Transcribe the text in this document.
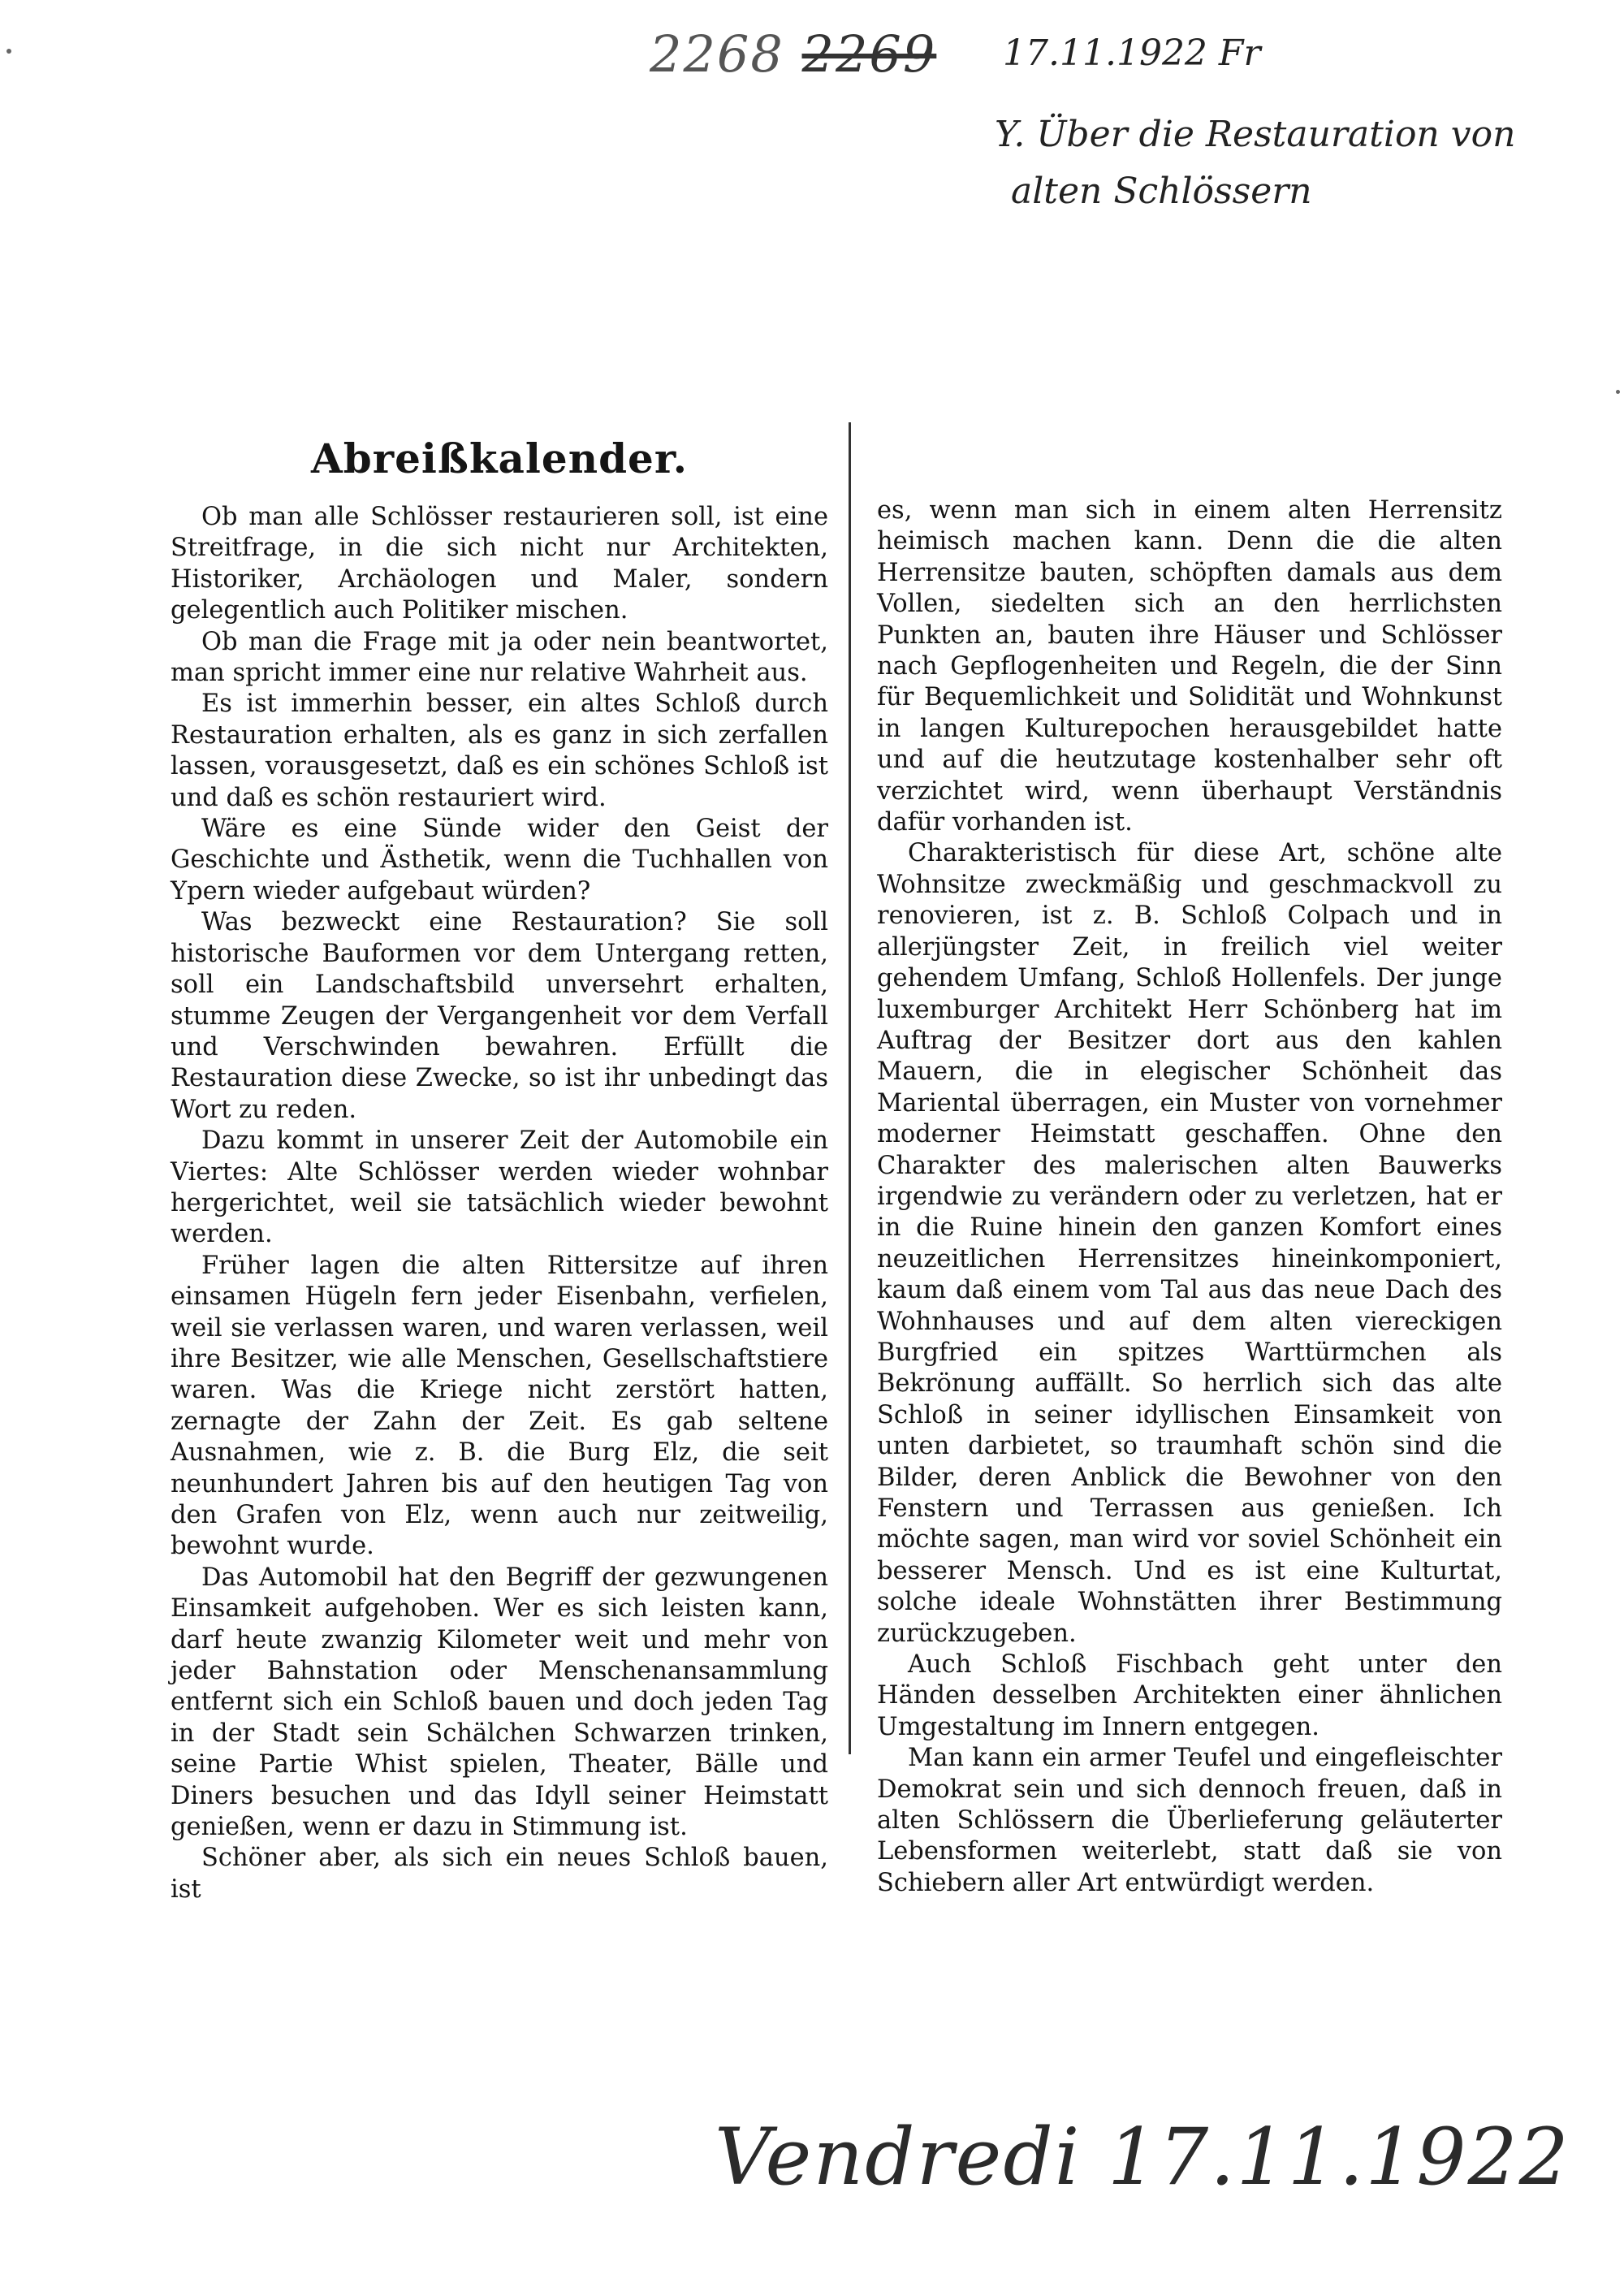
2268 2269 17.11.1922 Fr
Y. Über die Restauration von
alten Schlössern
Abreißkalender.

Ob man alle Schlösser restaurieren soll, ist eine Streitfrage, in die sich nicht nur Architekten, Historiker, Archäologen und Maler, sondern gelegentlich auch Politiker mischen.

Ob man die Frage mit ja oder nein beantwortet, man spricht immer eine nur relative Wahrheit aus.

Es ist immerhin besser, ein altes Schloß durch Restauration erhalten, als es ganz in sich zerfallen lassen, vorausgesetzt, daß es ein schönes Schloß ist und daß es schön restauriert wird.

Wäre es eine Sünde wider den Geist der Geschichte und Ästhetik, wenn die Tuchhallen von Ypern wieder aufgebaut würden?

Was bezweckt eine Restauration? Sie soll historische Bauformen vor dem Untergang retten, soll ein Landschaftsbild unversehrt erhalten, stumme Zeugen der Vergangenheit vor dem Verfall und Verschwinden bewahren. Erfüllt die Restauration diese Zwecke, so ist ihr unbedingt das Wort zu reden.

Dazu kommt in unserer Zeit der Automobile ein Viertes: Alte Schlösser werden wieder wohnbar hergerichtet, weil sie tatsächlich wieder bewohnt werden.

Früher lagen die alten Rittersitze auf ihren einsamen Hügeln fern jeder Eisenbahn, verfielen, weil sie verlassen waren, und waren verlassen, weil ihre Besitzer, wie alle Menschen, Gesellschaftstiere waren. Was die Kriege nicht zerstört hatten, zernagte der Zahn der Zeit. Es gab seltene Ausnahmen, wie z. B. die Burg Elz, die seit neunhundert Jahren bis auf den heutigen Tag von den Grafen von Elz, wenn auch nur zeitweilig, bewohnt wurde.

Das Automobil hat den Begriff der gezwungenen Einsamkeit aufgehoben. Wer es sich leisten kann, darf heute zwanzig Kilometer weit und mehr von jeder Bahnstation oder Menschenansammlung entfernt sich ein Schloß bauen und doch jeden Tag in der Stadt sein Schälchen Schwarzen trinken, seine Partie Whist spielen, Theater, Bälle und Diners besuchen und das Idyll seiner Heimstatt genießen, wenn er dazu in Stimmung ist.

Schöner aber, als sich ein neues Schloß bauen, ist

es, wenn man sich in einem alten Herrensitz heimisch machen kann. Denn die die alten Herrensitze bauten, schöpften damals aus dem Vollen, siedelten sich an den herrlichsten Punkten an, bauten ihre Häuser und Schlösser nach Gepflogenheiten und Regeln, die der Sinn für Bequemlichkeit und Solidität und Wohnkunst in langen Kulturepochen herausgebildet hatte und auf die heutzutage kostenhalber sehr oft verzichtet wird, wenn überhaupt Verständnis dafür vorhanden ist.

Charakteristisch für diese Art, schöne alte Wohnsitze zweckmäßig und geschmackvoll zu renovieren, ist z. B. Schloß Colpach und in allerjüngster Zeit, in freilich viel weiter gehendem Umfang, Schloß Hollenfels. Der junge luxemburger Architekt Herr Schönberg hat im Auftrag der Besitzer dort aus den kahlen Mauern, die in elegischer Schönheit das Mariental überragen, ein Muster von vornehmer moderner Heimstatt geschaffen. Ohne den Charakter des malerischen alten Bauwerks irgendwie zu verändern oder zu verletzen, hat er in die Ruine hinein den ganzen Komfort eines neuzeitlichen Herrensitzes hineinkomponiert, kaum daß einem vom Tal aus das neue Dach des Wohnhauses und auf dem alten viereckigen Burgfried ein spitzes Warttürmchen als Bekrönung auffällt. So herrlich sich das alte Schloß in seiner idyllischen Einsamkeit von unten darbietet, so traumhaft schön sind die Bilder, deren Anblick die Bewohner von den Fenstern und Terrassen aus genießen. Ich möchte sagen, man wird vor soviel Schönheit ein besserer Mensch. Und es ist eine Kulturtat, solche ideale Wohnstätten ihrer Bestimmung zurückzugeben.

Auch Schloß Fischbach geht unter den Händen desselben Architekten einer ähnlichen Umgestaltung im Innern entgegen.

Man kann ein armer Teufel und eingefleischter Demokrat sein und sich dennoch freuen, daß in alten Schlössern die Überlieferung geläuterter Lebensformen weiterlebt, statt daß sie von Schiebern aller Art entwürdigt werden.

Vendredi 17.11.1922
